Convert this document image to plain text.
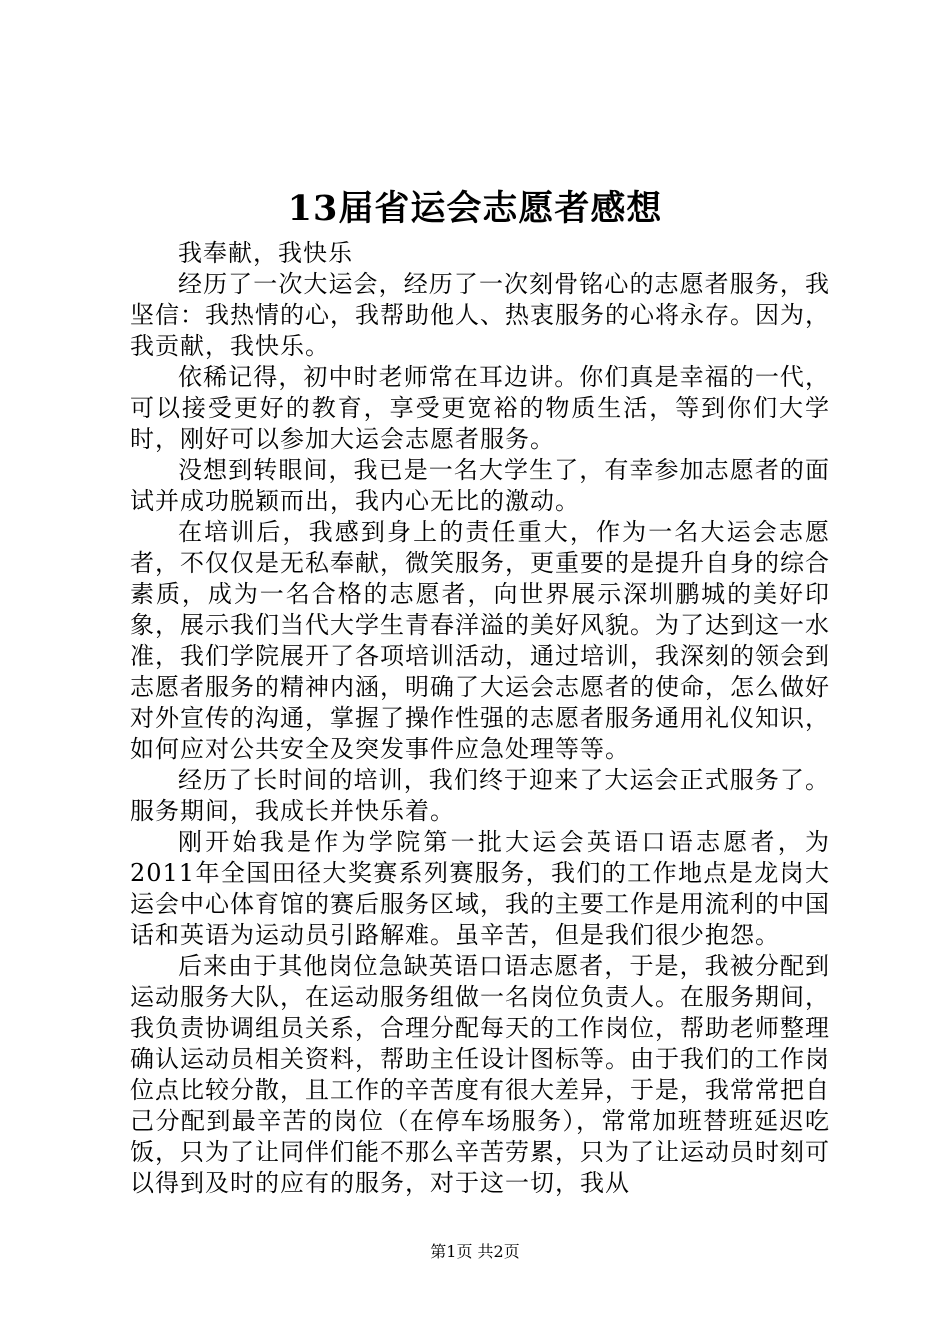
13届省运会志愿者感想

我奉献，我快乐

经历了一次大运会，经历了一次刻骨铭心的志愿者服务，我坚信：我热情的心，我帮助他人、热衷服务的心将永存。因为，我贡献，我快乐。

依稀记得，初中时老师常在耳边讲。你们真是幸福的一代，可以接受更好的教育，享受更宽裕的物质生活，等到你们大学时，刚好可以参加大运会志愿者服务。

没想到转眼间，我已是一名大学生了，有幸参加志愿者的面试并成功脱颖而出，我内心无比的激动。

在培训后，我感到身上的责任重大，作为一名大运会志愿者，不仅仅是无私奉献，微笑服务，更重要的是提升自身的综合素质，成为一名合格的志愿者，向世界展示深圳鹏城的美好印象，展示我们当代大学生青春洋溢的美好风貌。为了达到这一水准，我们学院展开了各项培训活动，通过培训，我深刻的领会到志愿者服务的精神内涵，明确了大运会志愿者的使命，怎么做好对外宣传的沟通，掌握了操作性强的志愿者服务通用礼仪知识，如何应对公共安全及突发事件应急处理等等。

经历了长时间的培训，我们终于迎来了大运会正式服务了。服务期间，我成长并快乐着。

刚开始我是作为学院第一批大运会英语口语志愿者，为2011年全国田径大奖赛系列赛服务，我们的工作地点是龙岗大运会中心体育馆的赛后服务区域，我的主要工作是用流利的中国话和英语为运动员引路解难。虽辛苦，但是我们很少抱怨。

后来由于其他岗位急缺英语口语志愿者，于是，我被分配到运动服务大队，在运动服务组做一名岗位负责人。在服务期间，我负责协调组员关系，合理分配每天的工作岗位，帮助老师整理确认运动员相关资料，帮助主任设计图标等。由于我们的工作岗位点比较分散，且工作的辛苦度有很大差异，于是，我常常把自己分配到最辛苦的岗位（在停车场服务），常常加班替班延迟吃饭，只为了让同伴们能不那么辛苦劳累，只为了让运动员时刻可以得到及时的应有的服务，对于这一切，我从

第1页 共2页
